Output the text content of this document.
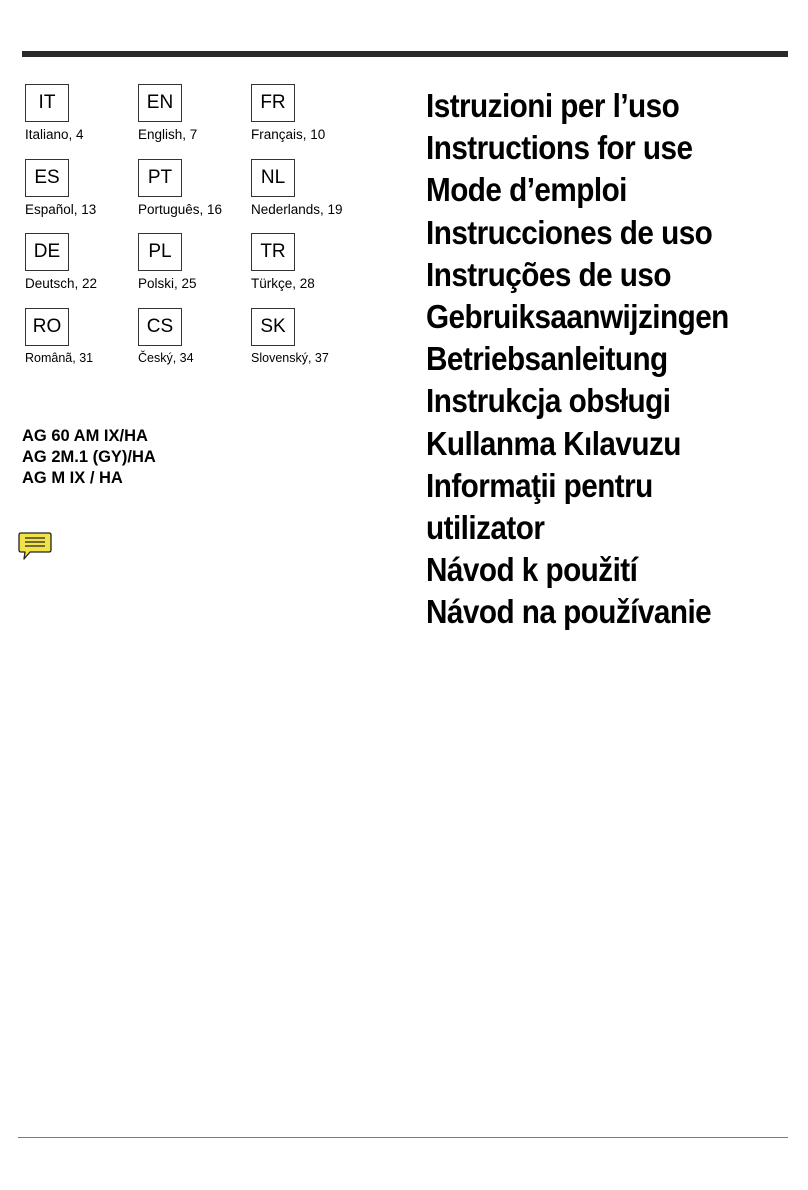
IT
Italiano, 4
EN
English, 7
FR
Français, 10
ES
Español, 13
PT
Português, 16
NL
Nederlands, 19
DE
Deutsch, 22
PL
Polski, 25
TR
Türkçe, 28
RO
Românã, 31
CS
Český, 34
SK
Slovenský, 37
AG 60 AM IX/HA
AG 2M.1 (GY)/HA
AG M IX / HA
Istruzioni per l’uso
Instructions for use
Mode d’emploi
Instrucciones de uso
Instruções de uso
Gebruiksaanwijzingen
Betriebsanleitung
Instrukcja obsługi
Kullanma Kılavuzu
Informaţii pentru
utilizator
Návod k použití
Návod na používanie
